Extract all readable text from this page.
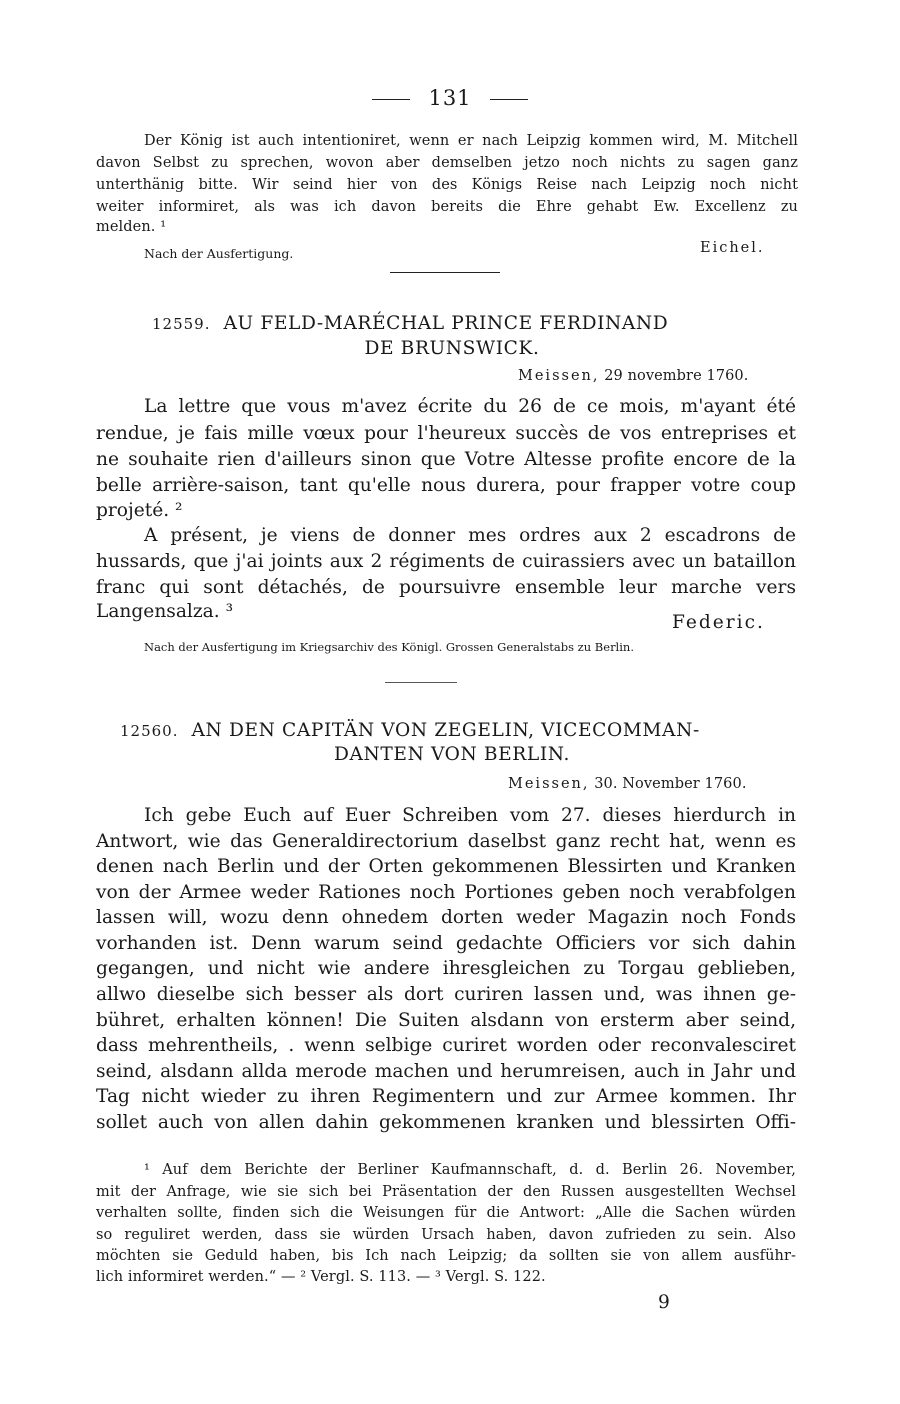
131
Der König ist auch intentioniret, wenn er nach Leipzig kommen wird, M. Mitchell
davon Selbst zu sprechen, wovon aber demselben jetzo noch nichts zu sagen ganz
unterthänig bitte. Wir seind hier von des Königs Reise nach Leipzig noch nicht
weiter informiret, als was ich davon bereits die Ehre gehabt Ew. Excellenz zu
melden. ¹
Nach der Ausfertigung.	Eichel.
12559. AU FELD-MARÉCHAL PRINCE FERDINAND
DE BRUNSWICK.
Meissen, 29 novembre 1760.
La lettre que vous m'avez écrite du 26 de ce mois, m'ayant été
rendue, je fais mille vœux pour l'heureux succès de vos entreprises et
ne souhaite rien d'ailleurs sinon que Votre Altesse profite encore de la
belle arrière-saison, tant qu'elle nous durera, pour frapper votre coup
projeté. ²
A présent, je viens de donner mes ordres aux 2 escadrons de
hussards, que j'ai joints aux 2 régiments de cuirassiers avec un bataillon
franc qui sont détachés, de poursuivre ensemble leur marche vers
Langensalza. ³
Federic.
Nach der Ausfertigung im Kriegsarchiv des Königl. Grossen Generalstabs zu Berlin.
12560. AN DEN CAPITÄN VON ZEGELIN, VICECOMMAN-
DANTEN VON BERLIN.
Meissen, 30. November 1760.
Ich gebe Euch auf Euer Schreiben vom 27. dieses hierdurch in
Antwort, wie das Generaldirectorium daselbst ganz recht hat, wenn es
denen nach Berlin und der Orten gekommenen Blessirten und Kranken
von der Armee weder Rationes noch Portiones geben noch verabfolgen
lassen will, wozu denn ohnedem dorten weder Magazin noch Fonds
vorhanden ist. Denn warum seind gedachte Officiers vor sich dahin
gegangen, und nicht wie andere ihresgleichen zu Torgau geblieben,
allwo dieselbe sich besser als dort curiren lassen und, was ihnen ge-
bühret, erhalten können! Die Suiten alsdann von ersterm aber seind,
dass mehrentheils, . wenn selbige curiret worden oder reconvalesciret
seind, alsdann allda merode machen und herumreisen, auch in Jahr und
Tag nicht wieder zu ihren Regimentern und zur Armee kommen. Ihr
sollet auch von allen dahin gekommenen kranken und blessirten Offi-
¹ Auf dem Berichte der Berliner Kaufmannschaft, d. d. Berlin 26. November,
mit der Anfrage, wie sie sich bei Präsentation der den Russen ausgestellten Wechsel
verhalten sollte, finden sich die Weisungen für die Antwort: „Alle die Sachen würden
so reguliret werden, dass sie würden Ursach haben, davon zufrieden zu sein. Also
möchten sie Geduld haben, bis Ich nach Leipzig; da sollten sie von allem ausführ-
lich informiret werden.“ — ² Vergl. S. 113. — ³ Vergl. S. 122.
9
